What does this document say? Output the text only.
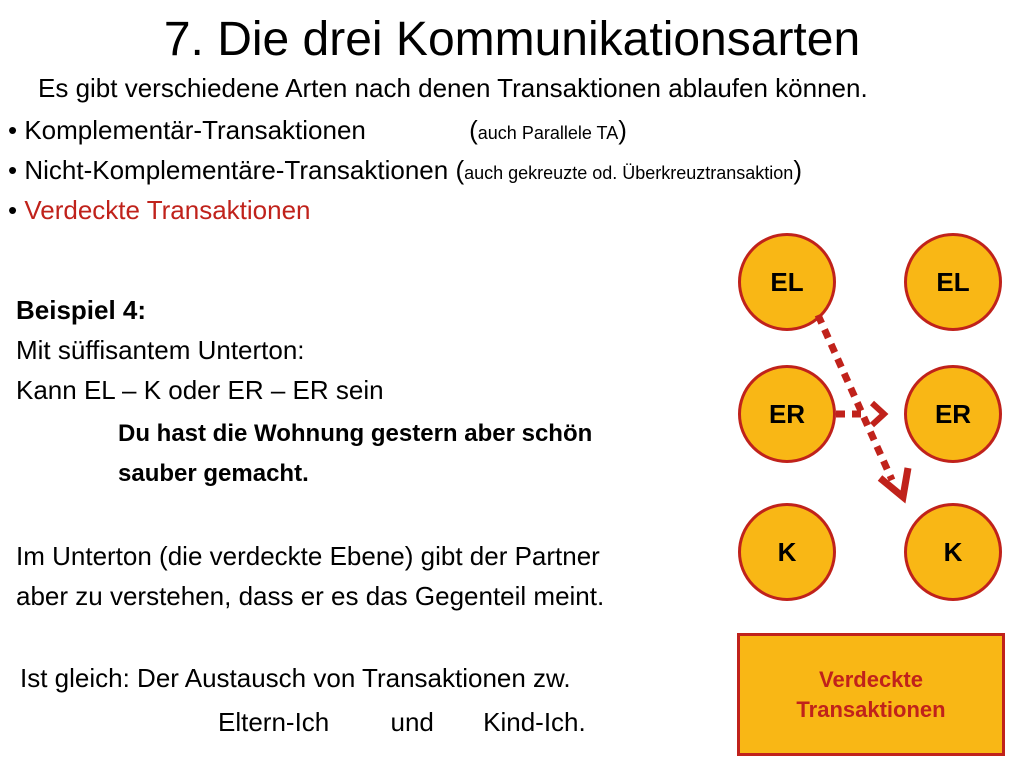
7. Die drei Kommunikationsarten
Es gibt verschiedene Arten nach denen Transaktionen ablaufen können.
• Komplementär-Transaktionen	(auch Parallele TA)
• Nicht-Komplementäre-Transaktionen (auch gekreuzte od. Überkreuztransaktion)
• Verdeckte Transaktionen
Beispiel 4:
Mit süffisantem Unterton:
Kann EL – K oder ER – ER sein
Du hast die Wohnung gestern aber schön
sauber gemacht.
Im Unterton (die verdeckte Ebene) gibt der Partner
aber zu verstehen, dass er es das Gegenteil meint.
Ist gleich: Der Austausch von Transaktionen zw.
Eltern-Ich und Kind-Ich.
EL
ER
K
EL
ER
K
Verdeckte
Transaktionen
